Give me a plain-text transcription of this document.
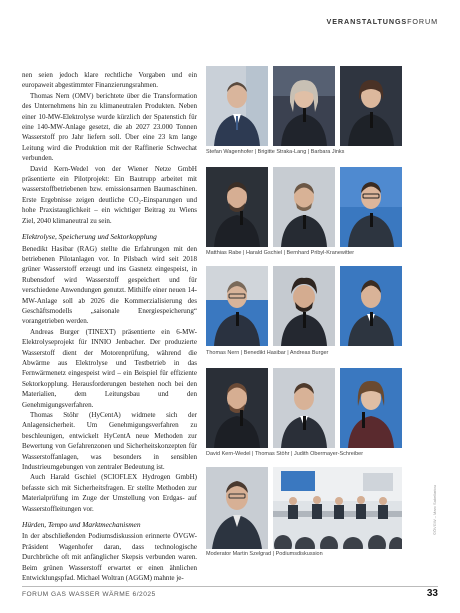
VERANSTALTUNGSFORUM

nen seien jedoch klare rechtliche Vorgaben und ein europaweit abgestimmter Finanzierungsrahmen.

Thomas Nern (OMV) berichtete über die Transformation des Unternehmens hin zu klimaneutralen Produkten. Neben einer 10-MW-Elektrolyse wurde kürzlich der Spatenstich für eine 140-MW-Anlage gesetzt, die ab 2027 23.000 Tonnen Wasserstoff pro Jahr liefern soll. Über eine 23 km lange Leitung wird die Produktion mit der Raffinerie Schwechat verbunden.

David Kern-Wedel von der Wiener Netze GmbH präsentierte ein Pilotprojekt: Ein Bautrupp arbeitet mit wasserstoffbetriebenen bzw. emissionsarmen Baumaschinen. Erste Ergebnisse zeigen deutliche CO₂-Einsparungen und hohe Praxistauglichkeit – ein wichtiger Beitrag zu Wiens Ziel, 2040 klimaneutral zu sein.

Elektrolyse, Speicherung und Sektorkopplung

Benedikt Hasibar (RAG) stellte die Erfahrungen mit den betriebenen Pilotanlagen vor. In Pilsbach wird seit 2018 grüner Wasserstoff erzeugt und ins Gasnetz eingespeist, in Rubensdorf wird Wasserstoff gespeichert und für verschiedene Anwendungen genutzt. Mithilfe einer neuen 14-MW-Anlage soll ab 2026 die Kommerzialisierung des Geschäftsmodells „saisonale Energiespeicherung“ vorangetrieben werden.

Andreas Burger (TINEXT) präsentierte ein 6-MW-Elektrolyseprojekt für INNIO Jenbacher. Der produzierte Wasserstoff dient der Motorenprüfung, während die Abwärme aus Elektrolyse und Testbetrieb in das Fernwärmenetz eingespeist wird – ein Beispiel für effiziente Sektorkopplung. Herausforderungen bestehen noch bei den Materialien, dem Leitungsbau und den Genehmigungsverfahren.

Thomas Stöhr (HyCentA) widmete sich der Anlagensicherheit. Um Genehmigungsverfahren zu beschleunigen, entwickelt HyCentA neue Methoden zur Bewertung von Gefahrenzonen und Sicherheitskonzepten für Wasserstoffanlagen, was besonders in sensiblen Industrieumgebungen von zentraler Bedeutung ist.

Auch Harald Gschiel (SCIOFLEX Hydrogen GmbH) befasste sich mit Sicherheitsfragen. Er stellte Methoden zur Materialprüfung im Zuge der Umstellung von Erdgas- auf Wasserstoffleitungen vor.

Hürden, Tempo und Marktmechanismen

In der abschließenden Podiumsdiskussion erinnerte ÖVGW-Präsident Wagenhofer daran, dass technologische Durchbrüche oft mit anfänglicher Skepsis verbunden waren. Beim grünen Wasserstoff erwartet er einen ähnlichen Entwicklungspfad. Michael Woltran (AGGM) mahnte je-

Stefan Wagenhofer | Brigitte Straka-Lang | Barbara Jinks
Matthias Rabe | Harald Gschiel | Bernhard Pribyl-Kranewitter
Thomas Nern | Benedikt Hasibar | Andreas Burger
David Kern-Wedel | Thomas Stöhr | Judith Obermayer-Schreiber
©ÖVGW – Marc Sakellariou
Moderator Martin Szelgrad | Podiumsdiskussion
FORUM GAS WASSER WÄRME 6/2025	33
